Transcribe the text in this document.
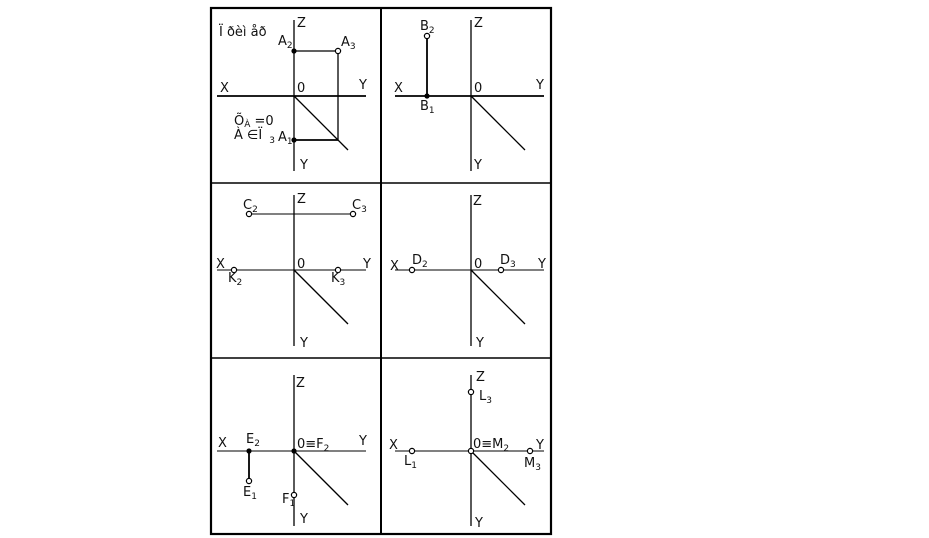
Ï ðèì åð
Z
X	Y
Y
0
$A_2$	$A_3$
$A_1$
ÕÀ =0
À ∈Ï $_3$
Z
X	Y
Y
0
$B_2$
$B_1$
Z
X	Y
Y
0
$C_2$	$C_3$
$K_2$	$K_3$
Z
X	Y
Y
0
$D_2$	$D_3$
Z
X	Y
Y
$0\equiv F_2$
$E_2$
$E_1$ $F_1$
Z
X	Y
Y
$0\equiv M_2$
$L_3$
$L_1$	$M_3$
